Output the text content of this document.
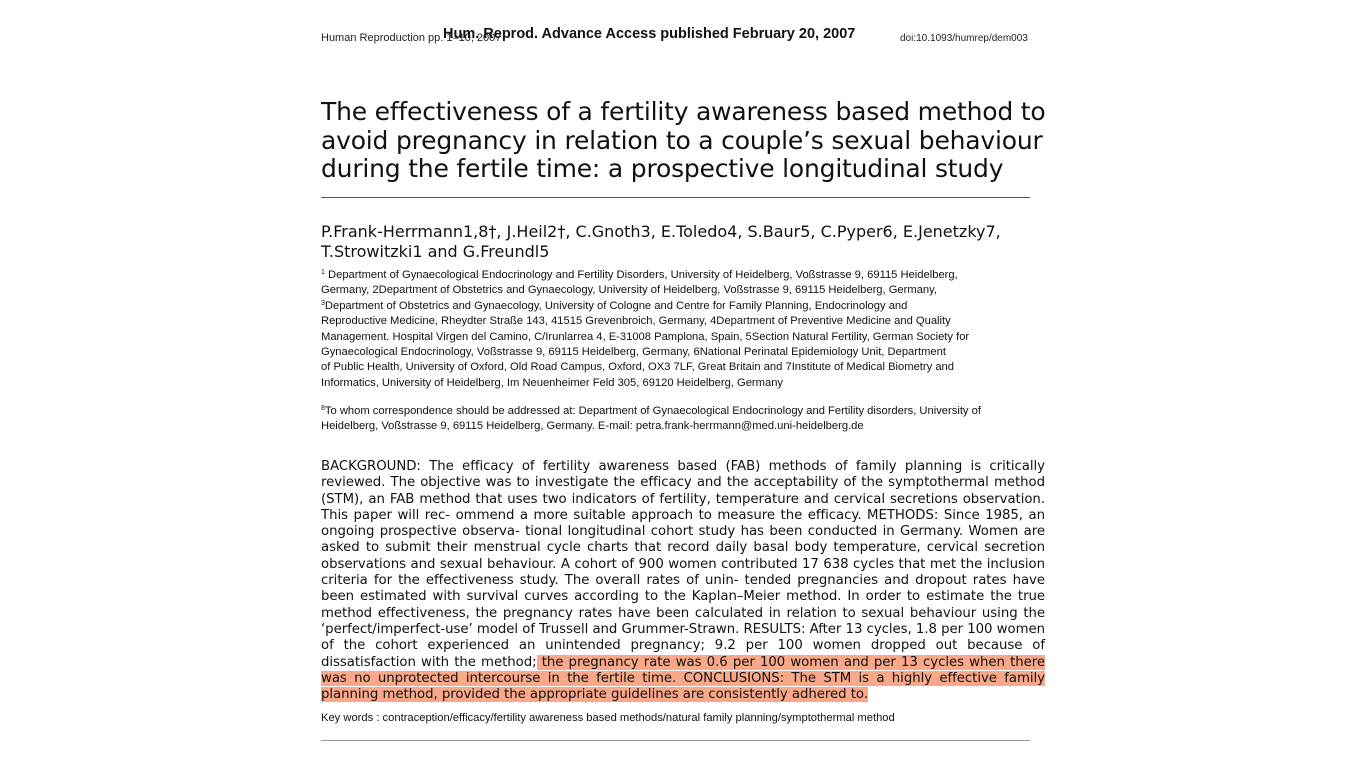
Human Reproduction pp. 1–10, 2007
Hum. Reprod. Advance Access published February 20, 2007	doi:10.1093/humrep/dem003
The effectiveness of a fertility awareness based method to avoid pregnancy in relation to a couple’s sexual behaviour during the fertile time: a prospective longitudinal study
P.Frank-Herrmann1,8†, J.Heil2†, C.Gnoth3, E.Toledo4, S.Baur5, C.Pyper6, E.Jenetzky7,
T.Strowitzki1 and G.Freundl5
$^1$ Department of Gynaecological Endocrinology and Fertility Disorders, University of Heidelberg, Voßstrasse 9, 69115 Heidelberg,
Germany, 2Department of Obstetrics and Gynaecology, University of Heidelberg, Voßstrasse 9, 69115 Heidelberg, Germany,
$^3$Department of Obstetrics and Gynaecology, University of Cologne and Centre for Family Planning, Endocrinology and
Reproductive Medicine, Rheydter Straße 143, 41515 Grevenbroich, Germany, 4Department of Preventive Medicine and Quality
Management. Hospital Virgen del Camino, C/Irunlarrea 4, E-31008 Pamplona, Spain, 5Section Natural Fertility, German Society for
Gynaecological Endocrinology, Voßstrasse 9, 69115 Heidelberg, Germany, 6National Perinatal Epidemiology Unit, Department
of Public Health, University of Oxford, Old Road Campus, Oxford, OX3 7LF, Great Britain and 7Institute of Medical Biometry and
Informatics, University of Heidelberg, Im Neuenheimer Feld 305, 69120 Heidelberg, Germany
$^8$To whom correspondence should be addressed at: Department of Gynaecological Endocrinology and Fertility disorders, University of
Heidelberg, Voßstrasse 9, 69115 Heidelberg, Germany. E-mail: petra.frank-herrmann@med.uni-heidelberg.de

BACKGROUND: The efficacy of fertility awareness based (FAB) methods of family planning is critically reviewed. The objective was to investigate the efficacy and the acceptability of the symptothermal method (STM), an FAB method that uses two indicators of fertility, temperature and cervical secretions observation. This paper will rec- ommend a more suitable approach to measure the efficacy. METHODS: Since 1985, an ongoing prospective observa- tional longitudinal cohort study has been conducted in Germany. Women are asked to submit their menstrual cycle charts that record daily basal body temperature, cervical secretion observations and sexual behaviour. A cohort of 900 women contributed 17 638 cycles that met the inclusion criteria for the effectiveness study. The overall rates of unin- tended pregnancies and dropout rates have been estimated with survival curves according to the Kaplan–Meier method. In order to estimate the true method effectiveness, the pregnancy rates have been calculated in relation to sexual behaviour using the ‘perfect/imperfect-use’ model of Trussell and Grummer-Strawn. RESULTS: After 13 cycles, 1.8 per 100 women of the cohort experienced an unintended pregnancy; 9.2 per 100 women dropped out because of dissatisfaction with the method; the pregnancy rate was 0.6 per 100 women and per 13 cycles when there was no unprotected intercourse in the fertile time. CONCLUSIONS: The STM is a highly effective family planning method, provided the appropriate guidelines are consistently adhered to.

Key words : contraception/efficacy/fertility awareness based methods/natural family planning/symptothermal method
